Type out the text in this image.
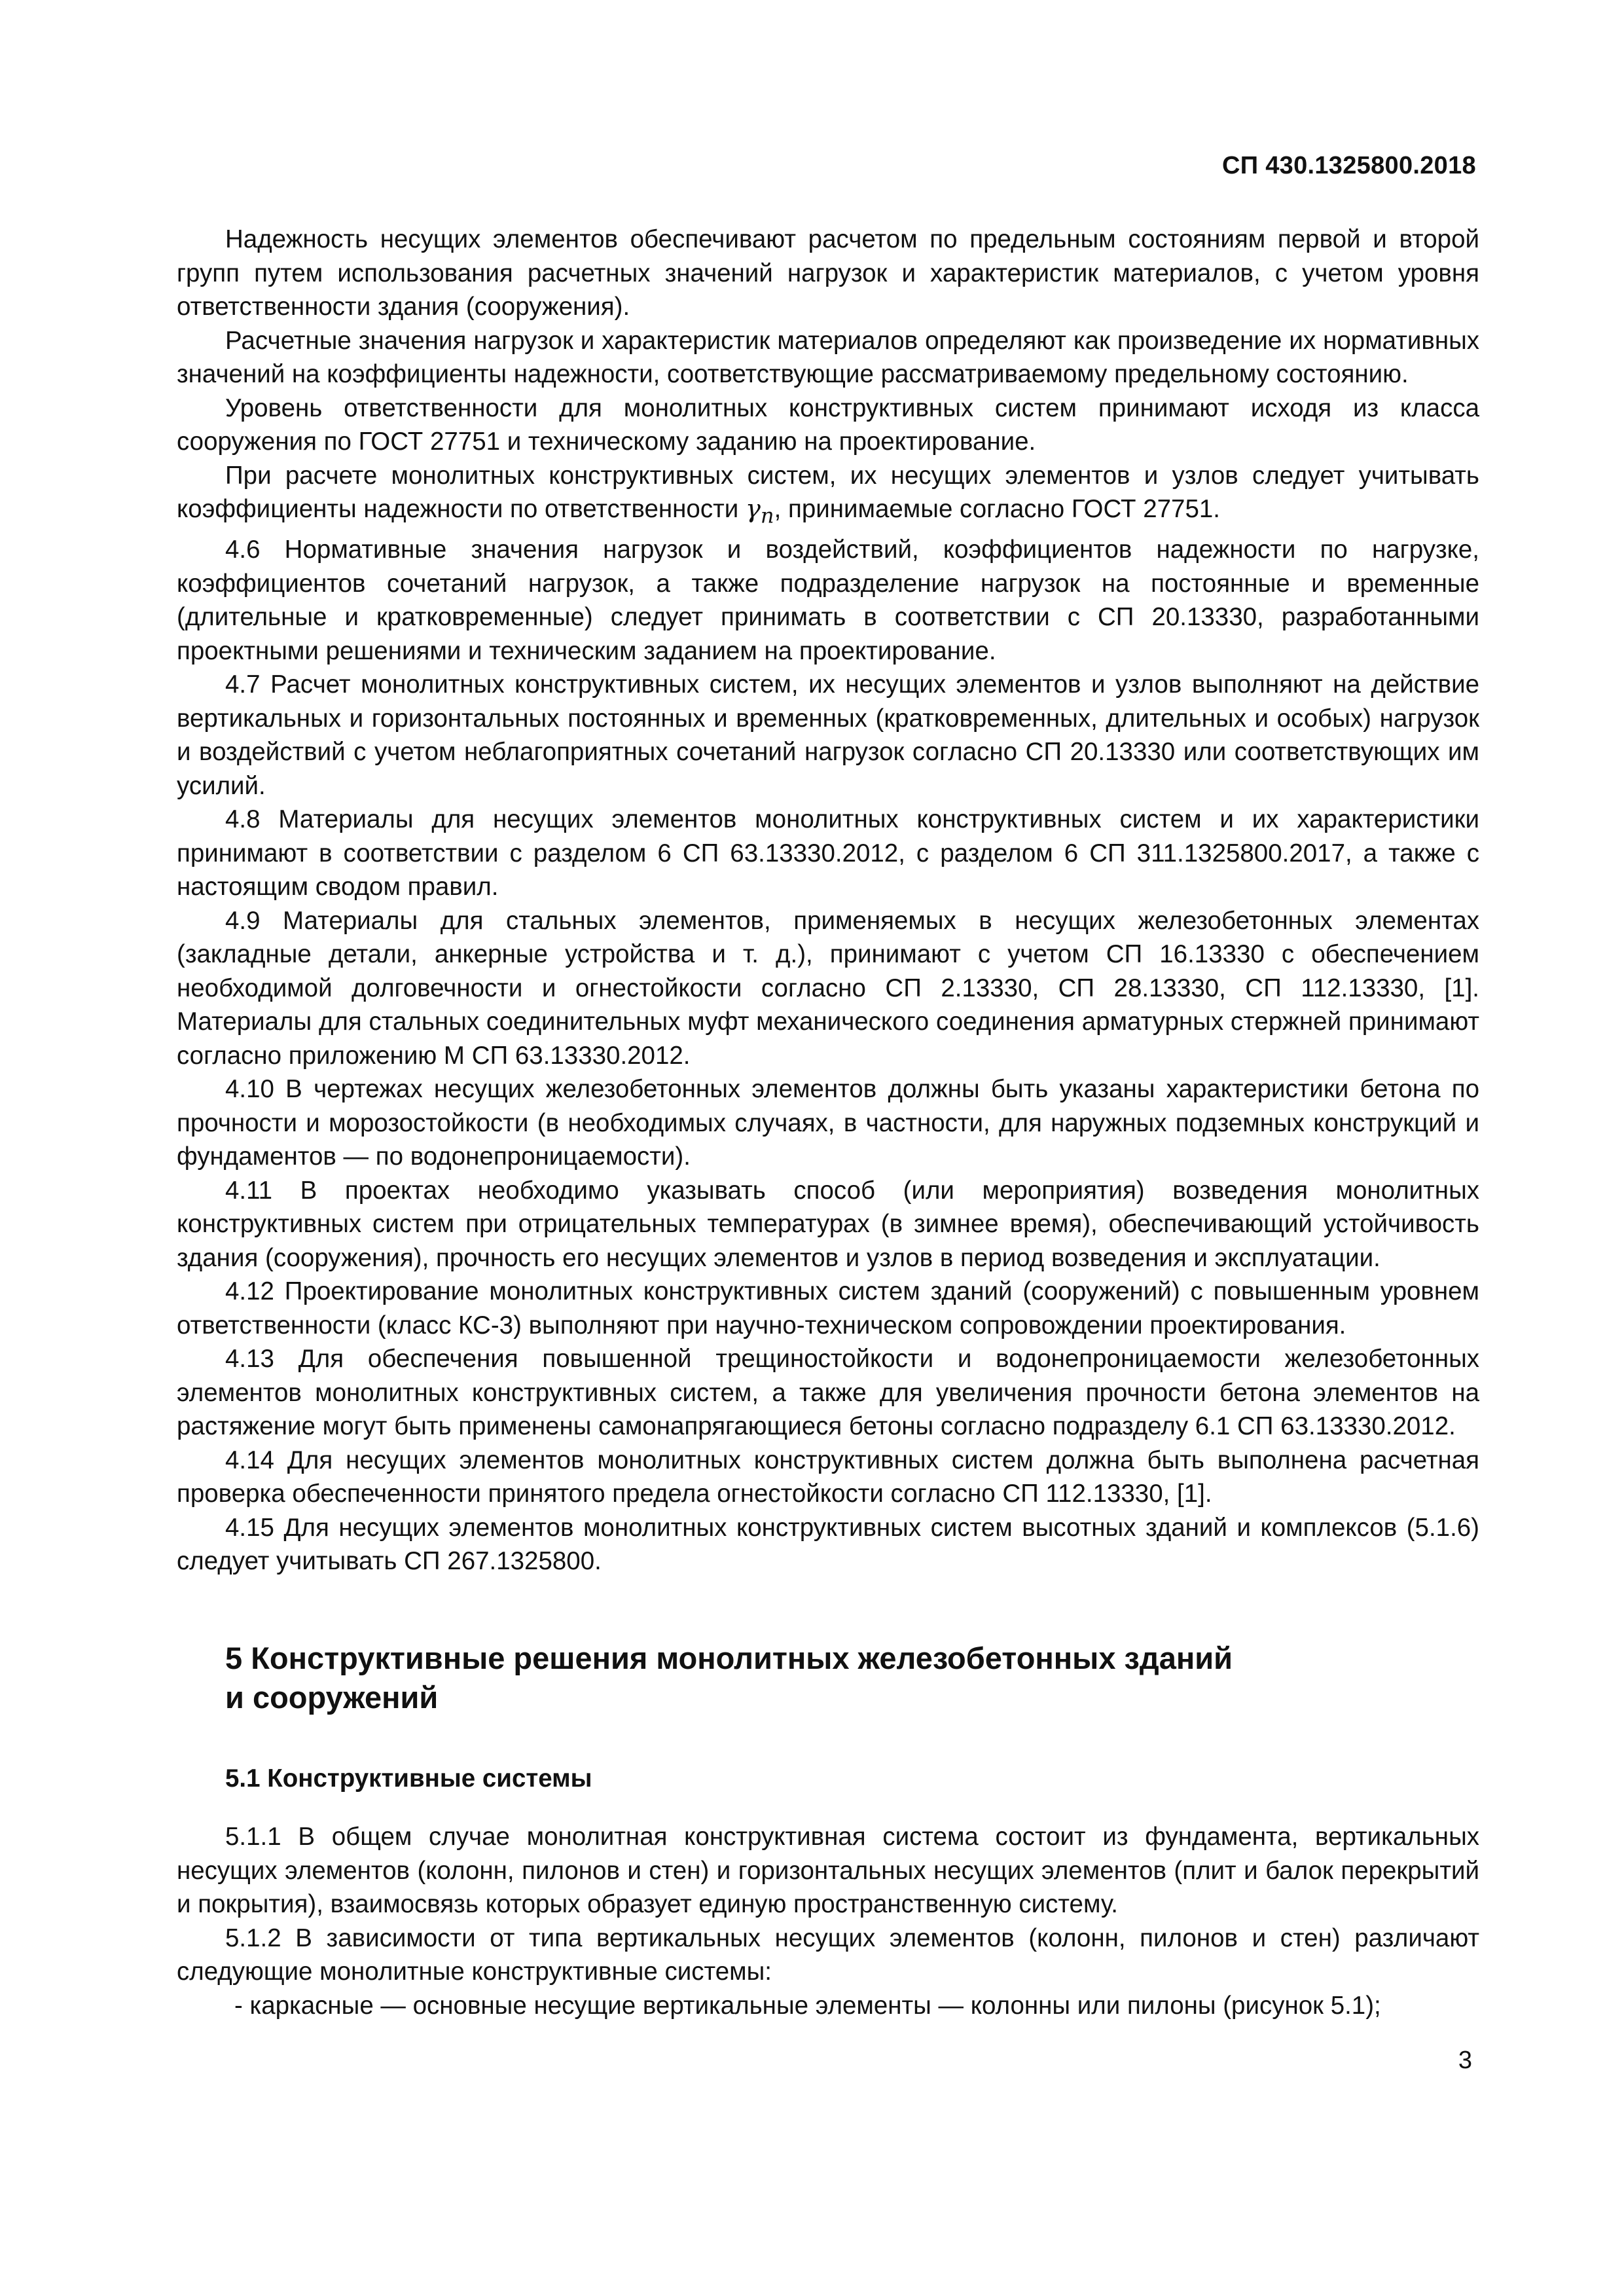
СП 430.1325800.2018

Надежность несущих элементов обеспечивают расчетом по предельным состояниям первой и второй групп путем использования расчетных значений нагрузок и характеристик материалов, с учетом уровня ответственности здания (сооружения).

Расчетные значения нагрузок и характеристик материалов определяют как произведение их нормативных значений на коэффициенты надежности, соответствующие рассматриваемому предельному состоянию.

Уровень ответственности для монолитных конструктивных систем принимают исходя из класса сооружения по ГОСТ 27751 и техническому заданию на проектирование.

При расчете монолитных конструктивных систем, их несущих элементов и узлов следует учитывать коэффициенты надежности по ответственности $\gamma_n$, принимаемые согласно ГОСТ 27751.

4.6 Нормативные значения нагрузок и воздействий, коэффициентов надежности по нагрузке, коэффициентов сочетаний нагрузок, а также подразделение нагрузок на постоянные и временные (длительные и кратковременные) следует принимать в соответствии с СП 20.13330, разработанными проектными решениями и техническим заданием на проектирование.

4.7 Расчет монолитных конструктивных систем, их несущих элементов и узлов выполняют на действие вертикальных и горизонтальных постоянных и временных (кратковременных, длительных и особых) нагрузок и воздействий с учетом неблагоприятных сочетаний нагрузок согласно СП 20.13330 или соответствующих им усилий.

4.8 Материалы для несущих элементов монолитных конструктивных систем и их характеристики принимают в соответствии с разделом 6 СП 63.13330.2012, с разделом 6 СП 311.1325800.2017, а также с настоящим сводом правил.

4.9 Материалы для стальных элементов, применяемых в несущих железобетонных элементах (закладные детали, анкерные устройства и т. д.), принимают с учетом СП 16.13330 с обеспечением необходимой долговечности и огнестойкости согласно СП 2.13330, СП 28.13330, СП 112.13330, [1]. Материалы для стальных соединительных муфт механического соединения арматурных стержней принимают согласно приложению М СП 63.13330.2012.

4.10 В чертежах несущих железобетонных элементов должны быть указаны характеристики бетона по прочности и морозостойкости (в необходимых случаях, в частности, для наружных подземных конструкций и фундаментов — по водонепроницаемости).

4.11 В проектах необходимо указывать способ (или мероприятия) возведения монолитных конструктивных систем при отрицательных температурах (в зимнее время), обеспечивающий устойчивость здания (сооружения), прочность его несущих элементов и узлов в период возведения и эксплуатации.

4.12 Проектирование монолитных конструктивных систем зданий (сооружений) с повышенным уровнем ответственности (класс КС-3) выполняют при научно-техническом сопровождении проектирования.

4.13 Для обеспечения повышенной трещиностойкости и водонепроницаемости железобетонных элементов монолитных конструктивных систем, а также для увеличения прочности бетона элементов на растяжение могут быть применены самонапрягающиеся бетоны согласно подразделу 6.1 СП 63.13330.2012.

4.14 Для несущих элементов монолитных конструктивных систем должна быть выполнена расчетная проверка обеспеченности принятого предела огнестойкости согласно СП 112.13330, [1].

4.15 Для несущих элементов монолитных конструктивных систем высотных зданий и комплексов (5.1.6) следует учитывать СП 267.1325800.

5 Конструктивные решения монолитных железобетонных зданий
и сооружений
5.1 Конструктивные системы

5.1.1 В общем случае монолитная конструктивная система состоит из фундамента, вертикальных несущих элементов (колонн, пилонов и стен) и горизонтальных несущих элементов (плит и балок перекрытий и покрытия), взаимосвязь которых образует единую пространственную систему.

5.1.2 В зависимости от типа вертикальных несущих элементов (колонн, пилонов и стен) различают следующие монолитные конструктивные системы:

- каркасные — основные несущие вертикальные элементы — колонны или пилоны (рисунок 5.1);

3
